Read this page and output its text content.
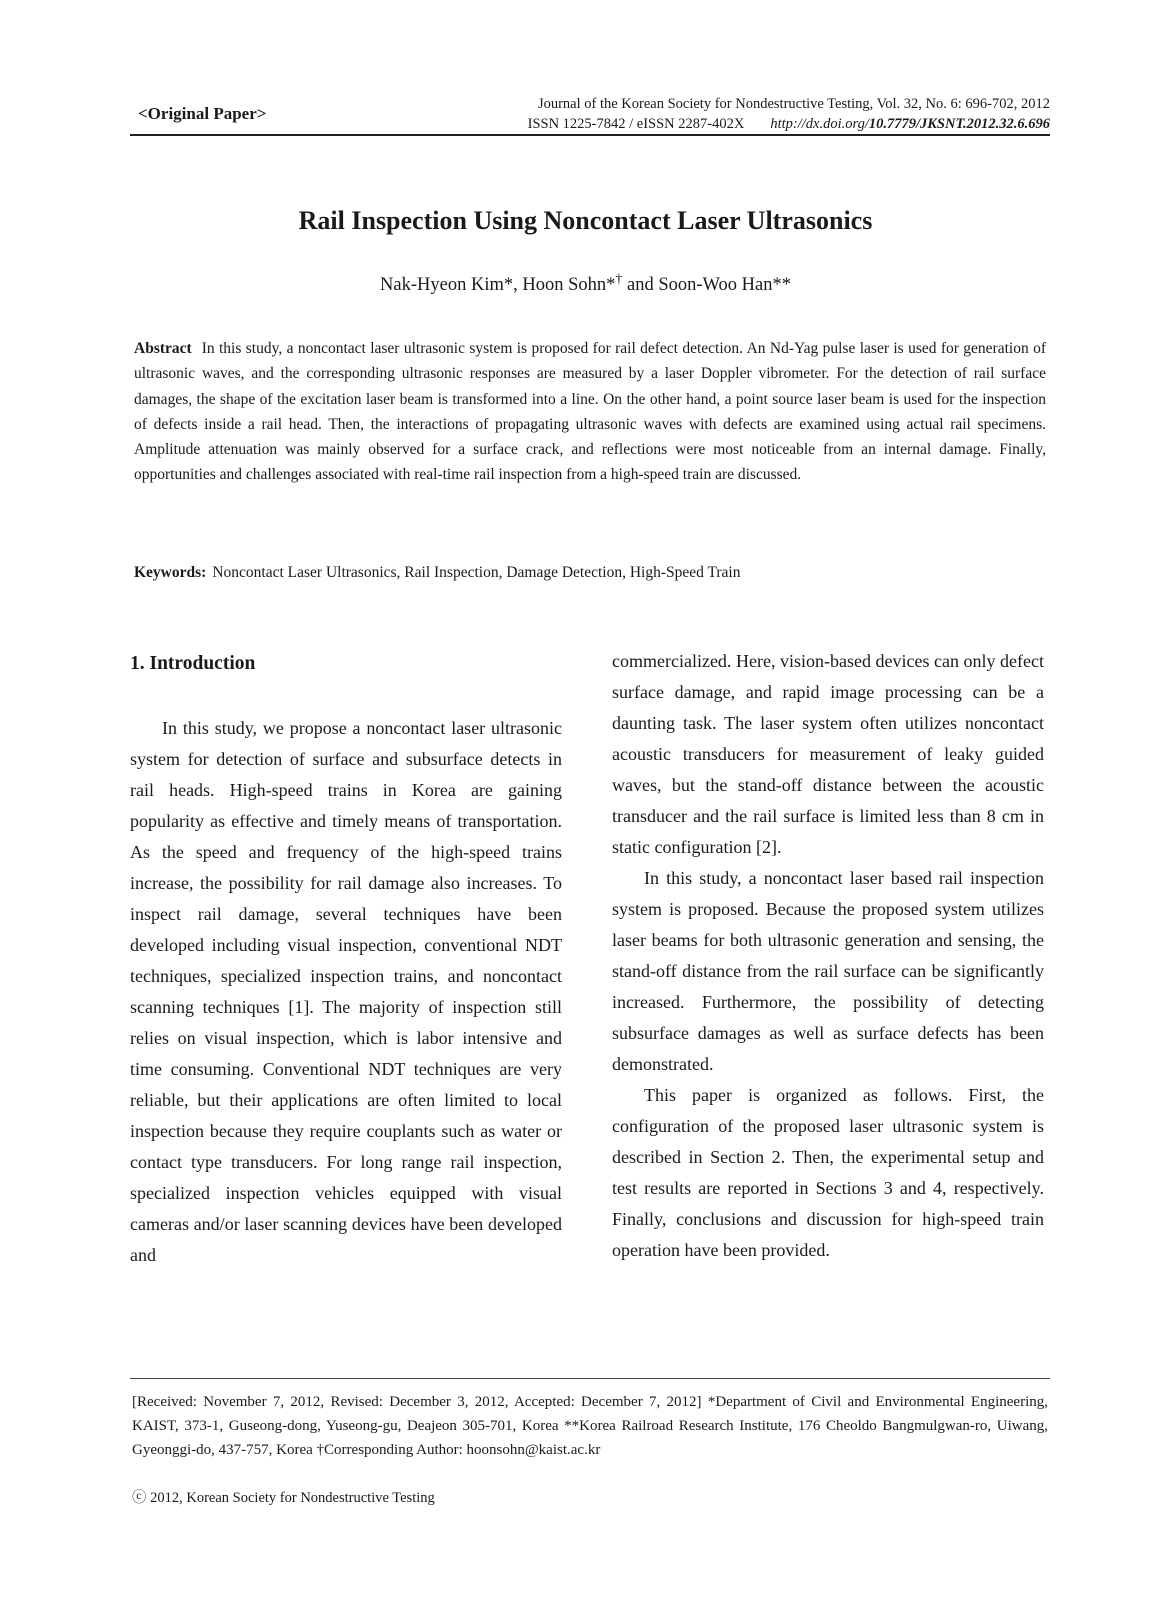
<Original Paper>	Journal of the Korean Society for Nondestructive Testing, Vol. 32, No. 6: 696-702, 2012
ISSN 1225-7842 / eISSN 2287-402X http://dx.doi.org/10.7779/JKSNT.2012.32.6.696
Rail Inspection Using Noncontact Laser Ultrasonics
Nak-Hyeon Kim*, Hoon Sohn*† and Soon-Woo Han**
Abstract In this study, a noncontact laser ultrasonic system is proposed for rail defect detection. An Nd-Yag pulse laser is used for generation of ultrasonic waves, and the corresponding ultrasonic responses are measured by a laser Doppler vibrometer. For the detection of rail surface damages, the shape of the excitation laser beam is transformed into a line. On the other hand, a point source laser beam is used for the inspection of defects inside a rail head. Then, the interactions of propagating ultrasonic waves with defects are examined using actual rail specimens. Amplitude attenuation was mainly observed for a surface crack, and reflections were most noticeable from an internal damage. Finally, opportunities and challenges associated with real-time rail inspection from a high-speed train are discussed.
Keywords: Noncontact Laser Ultrasonics, Rail Inspection, Damage Detection, High-Speed Train
1. Introduction

In this study, we propose a noncontact laser ultrasonic system for detection of surface and subsurface detects in rail heads. High-speed trains in Korea are gaining popularity as effective and timely means of transportation. As the speed and frequency of the high-speed trains increase, the possibility for rail damage also increases. To inspect rail damage, several techniques have been developed including visual inspection, conventional NDT techniques, specialized inspection trains, and noncontact scanning techniques [1]. The majority of inspection still relies on visual inspection, which is labor intensive and time consuming. Conventional NDT techniques are very reliable, but their applications are often limited to local inspection because they require couplants such as water or contact type transducers. For long range rail inspection, specialized inspection vehicles equipped with visual cameras and/or laser scanning devices have been developed and

commercialized. Here, vision-based devices can only defect surface damage, and rapid image processing can be a daunting task. The laser system often utilizes noncontact acoustic transducers for measurement of leaky guided waves, but the stand-off distance between the acoustic transducer and the rail surface is limited less than 8 cm in static configuration [2].

In this study, a noncontact laser based rail inspection system is proposed. Because the proposed system utilizes laser beams for both ultrasonic generation and sensing, the stand-off distance from the rail surface can be significantly increased. Furthermore, the possibility of detecting subsurface damages as well as surface defects has been demonstrated.

This paper is organized as follows. First, the configuration of the proposed laser ultrasonic system is described in Section 2. Then, the experimental setup and test results are reported in Sections 3 and 4, respectively. Finally, conclusions and discussion for high-speed train operation have been provided.

[Received: November 7, 2012, Revised: December 3, 2012, Accepted: December 7, 2012] *Department of Civil and Environmental Engineering, KAIST, 373-1, Guseong-dong, Yuseong-gu, Deajeon 305-701, Korea **Korea Railroad Research Institute, 176 Cheoldo Bangmulgwan-ro, Uiwang, Gyeonggi-do, 437-757, Korea †Corresponding Author: hoonsohn@kaist.ac.kr
ⓒ 2012, Korean Society for Nondestructive Testing
